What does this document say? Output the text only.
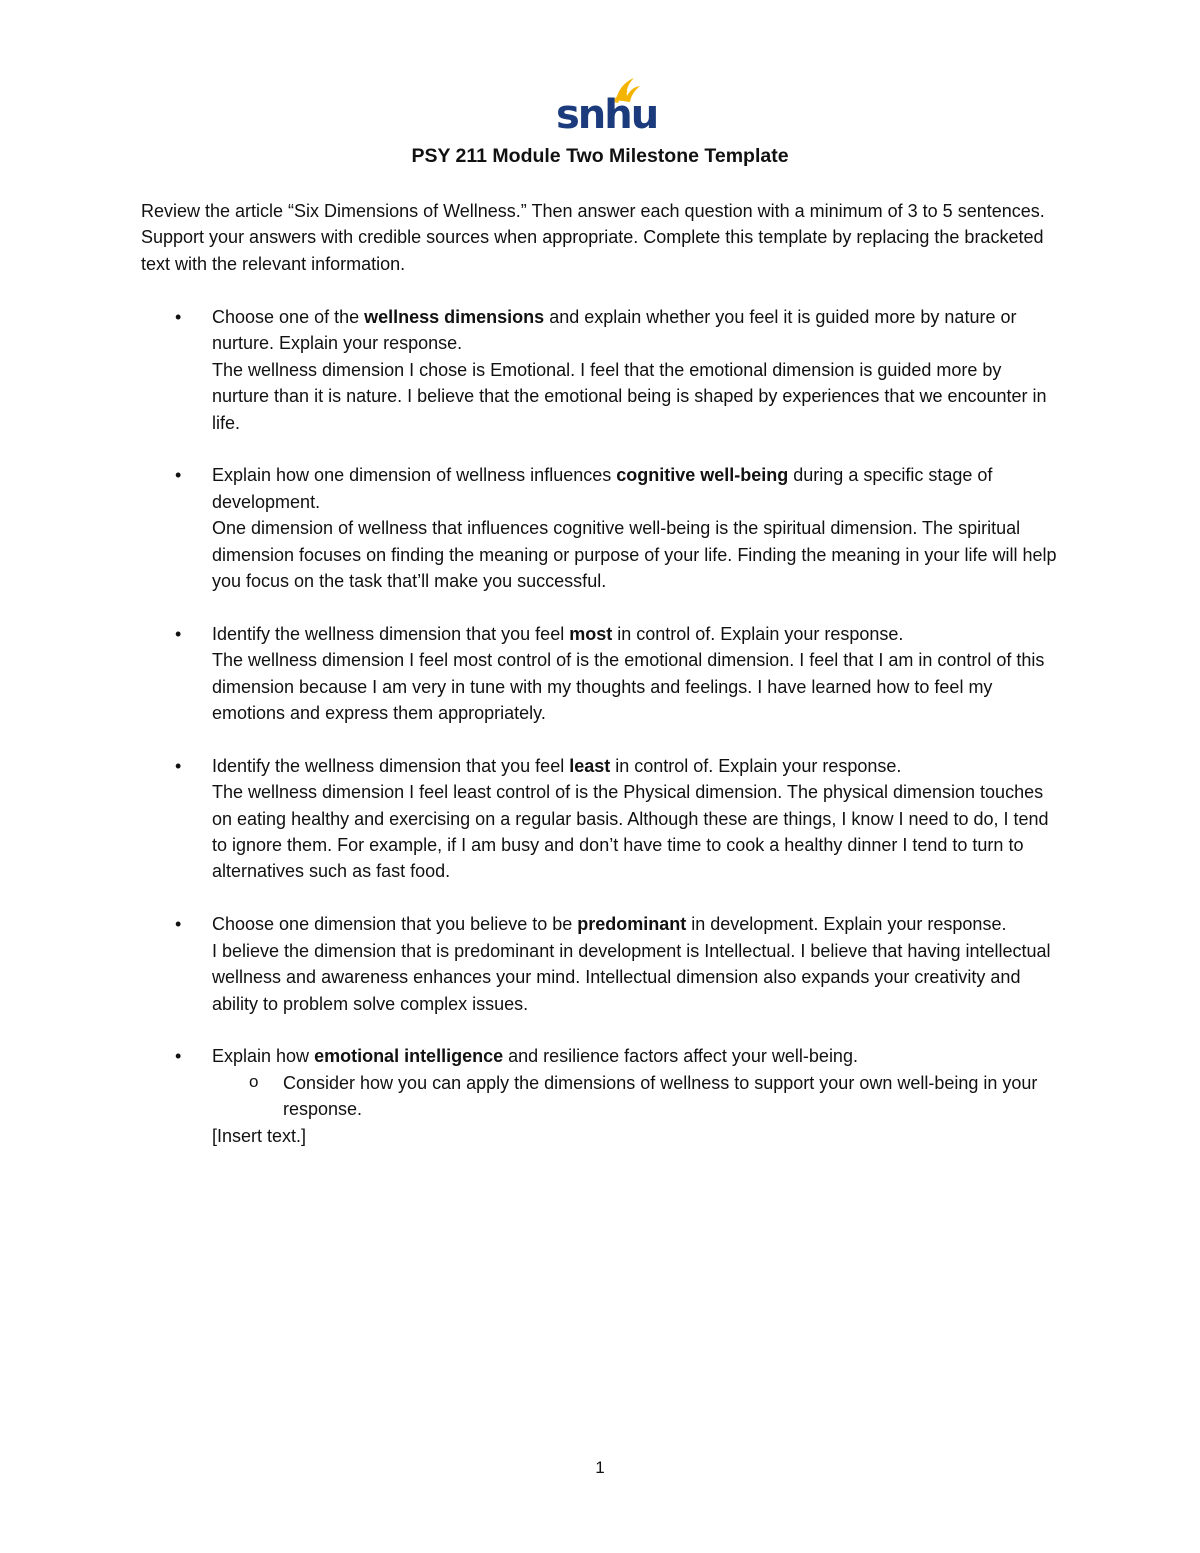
snhu
PSY 211 Module Two Milestone Template

Review the article “Six Dimensions of Wellness.” Then answer each question with a minimum of 3 to 5 sentences. Support your answers with credible sources when appropriate. Complete this template by replacing the bracketed text with the relevant information.

• Choose one of the wellness dimensions and explain whether you feel it is guided more by nature or nurture. Explain your response.
The wellness dimension I chose is Emotional. I feel that the emotional dimension is guided more by nurture than it is nature. I believe that the emotional being is shaped by experiences that we encounter in life.
• Explain how one dimension of wellness influences cognitive well-being during a specific stage of development.
One dimension of wellness that influences cognitive well-being is the spiritual dimension. The spiritual dimension focuses on finding the meaning or purpose of your life. Finding the meaning in your life will help you focus on the task that’ll make you successful.
• Identify the wellness dimension that you feel most in control of. Explain your response.
The wellness dimension I feel most control of is the emotional dimension. I feel that I am in control of this dimension because I am very in tune with my thoughts and feelings. I have learned how to feel my emotions and express them appropriately.
• Identify the wellness dimension that you feel least in control of. Explain your response.
The wellness dimension I feel least control of is the Physical dimension. The physical dimension touches on eating healthy and exercising on a regular basis. Although these are things, I know I need to do, I tend to ignore them. For example, if I am busy and don’t have time to cook a healthy dinner I tend to turn to alternatives such as fast food.
• Choose one dimension that you believe to be predominant in development. Explain your response.
I believe the dimension that is predominant in development is Intellectual. I believe that having intellectual wellness and awareness enhances your mind. Intellectual dimension also expands your creativity and ability to problem solve complex issues.
• Explain how emotional intelligence and resilience factors affect your well-being.
o Consider how you can apply the dimensions of wellness to support your own well-being in your response.
[Insert text.]
1
